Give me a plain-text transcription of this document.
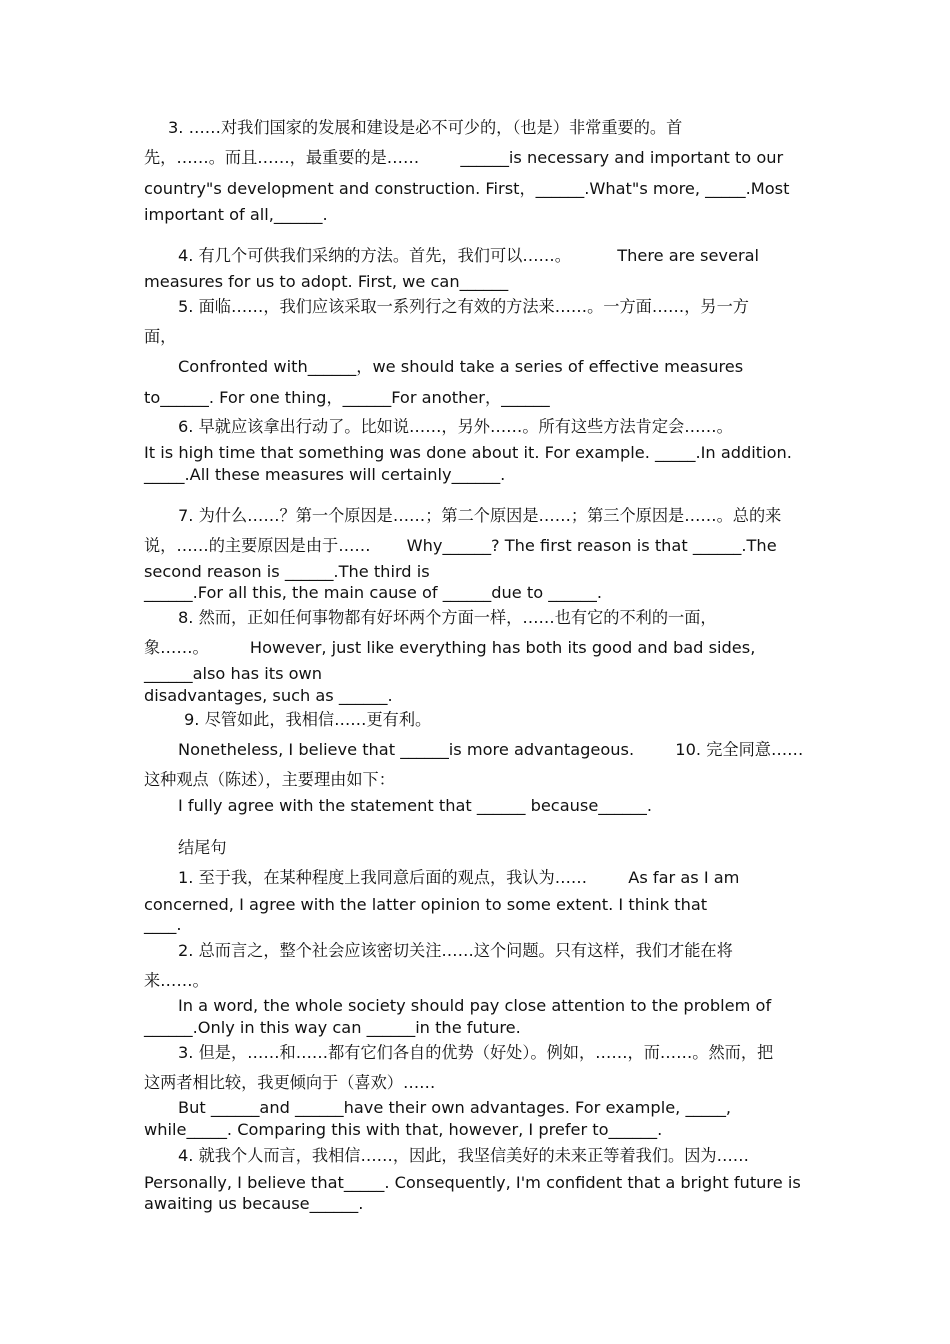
3. ……对我们国家的发展和建设是必不可少的，（也是）非常重要的。首

先，……。而且……，最重要的是……        ______is necessary and important to our

country"s development and construction. First，______.What"s more, _____.Most

important of all,______.

4. 有几个可供我们采纳的方法。首先，我们可以……。         There are several

measures for us to adopt. First, we can______

5. 面临……，我们应该采取一系列行之有效的方法来……。一方面……，另一方

面，

Confronted with______，we should take a series of effective measures

to______. For one thing，______For another，______

6. 早就应该拿出行动了。比如说……，另外……。所有这些方法肯定会……。

It is high time that something was done about it. For example. _____.In addition.

_____.All these measures will certainly______.

7. 为什么……？第一个原因是……；第二个原因是……；第三个原因是……。总的来

说，……的主要原因是由于……       Why______? The first reason is that ______.The

second reason is ______.The third is

______.For all this, the main cause of ______due to ______.

8. 然而，正如任何事物都有好坏两个方面一样，……也有它的不利的一面，

象……。        However, just like everything has both its good and bad sides,

______also has its own

disadvantages, such as ______.

9. 尽管如此，我相信……更有利。

Nonetheless, I believe that ______is more advantageous.        10. 完全同意……

这种观点（陈述），主要理由如下：

I fully agree with the statement that ______ because______.

结尾句

1. 至于我，在某种程度上我同意后面的观点，我认为……        As far as I am

concerned, I agree with the latter opinion to some extent. I think that

____.

2. 总而言之，整个社会应该密切关注……这个问题。只有这样，我们才能在将

来……。

In a word, the whole society should pay close attention to the problem of

______.Only in this way can ______in the future.

3. 但是，……和……都有它们各自的优势（好处）。例如，……，而……。然而，把

这两者相比较，我更倾向于（喜欢）……

But ______and ______have their own advantages. For example, _____,

while_____. Comparing this with that, however, I prefer to______.

4. 就我个人而言，我相信……，因此，我坚信美好的未来正等着我们。因为……

Personally, I believe that_____. Consequently, I'm confident that a bright future is

awaiting us because______.
